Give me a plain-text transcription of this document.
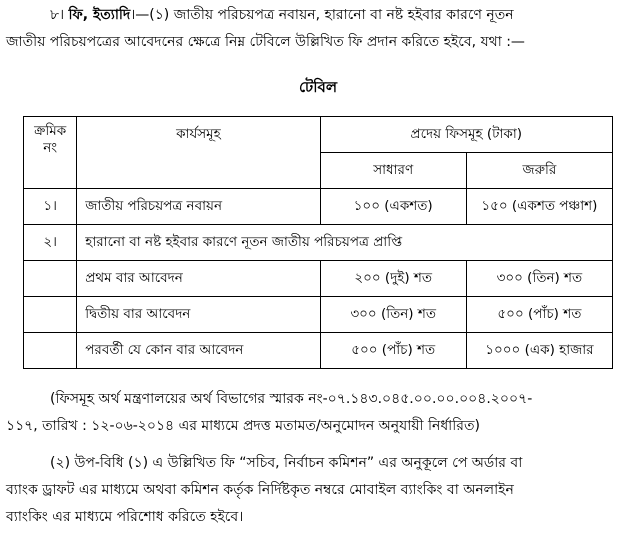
৮। ফি, ইত্যাদি।—(১) জাতীয় পরিচয়পত্র নবায়ন, হারানো বা নষ্ট হইবার কারণে নূতন
জাতীয় পরিচয়পত্রের আবেদনের ক্ষেত্রে নিম্ন টেবিলে উল্লিখিত ফি প্রদান করিতে হইবে, যথা :—
টেবিল
ক্রমিক নং	কার্যসমূহ	প্রদেয় ফিসমূহ (টাকা)	
		সাধারণ	জরুরি
১।	জাতীয় পরিচয়পত্র নবায়ন	১০০ (একশত)	১৫০ (একশত পঞ্চাশ)
২।	হারানো বা নষ্ট হইবার কারণে নূতন জাতীয় পরিচয়পত্র প্রাপ্তি		
	প্রথম বার আবেদন	২০০ (দুই) শত	৩০০ (তিন) শত
	দ্বিতীয় বার আবেদন	৩০০ (তিন) শত	৫০০ (পাঁচ) শত
	পরবর্তী যে কোন বার আবেদন	৫০০ (পাঁচ) শত	১০০০ (এক) হাজার
(ফিসমূহ অর্থ মন্ত্রণালয়ের অর্থ বিভাগের স্মারক নং-০৭.১৪৩.০৪৫.০০.০০.০০৪.২০০৭-
১১৭, তারিখ : ১২-০৬-২০১৪ এর মাধ্যমে প্রদত্ত মতামত/অনুমোদন অনুযায়ী নির্ধারিত)
(২) উপ-বিধি (১) এ উল্লিখিত ফি “সচিব, নির্বাচন কমিশন” এর অনুকূলে পে অর্ডার বা
ব্যাংক ড্রাফট এর মাধ্যমে অথবা কমিশন কর্তৃক নির্দিষ্টকৃত নম্বরে মোবাইল ব্যাংকিং বা অনলাইন
ব্যাংকিং এর মাধ্যমে পরিশোধ করিতে হইবে।
